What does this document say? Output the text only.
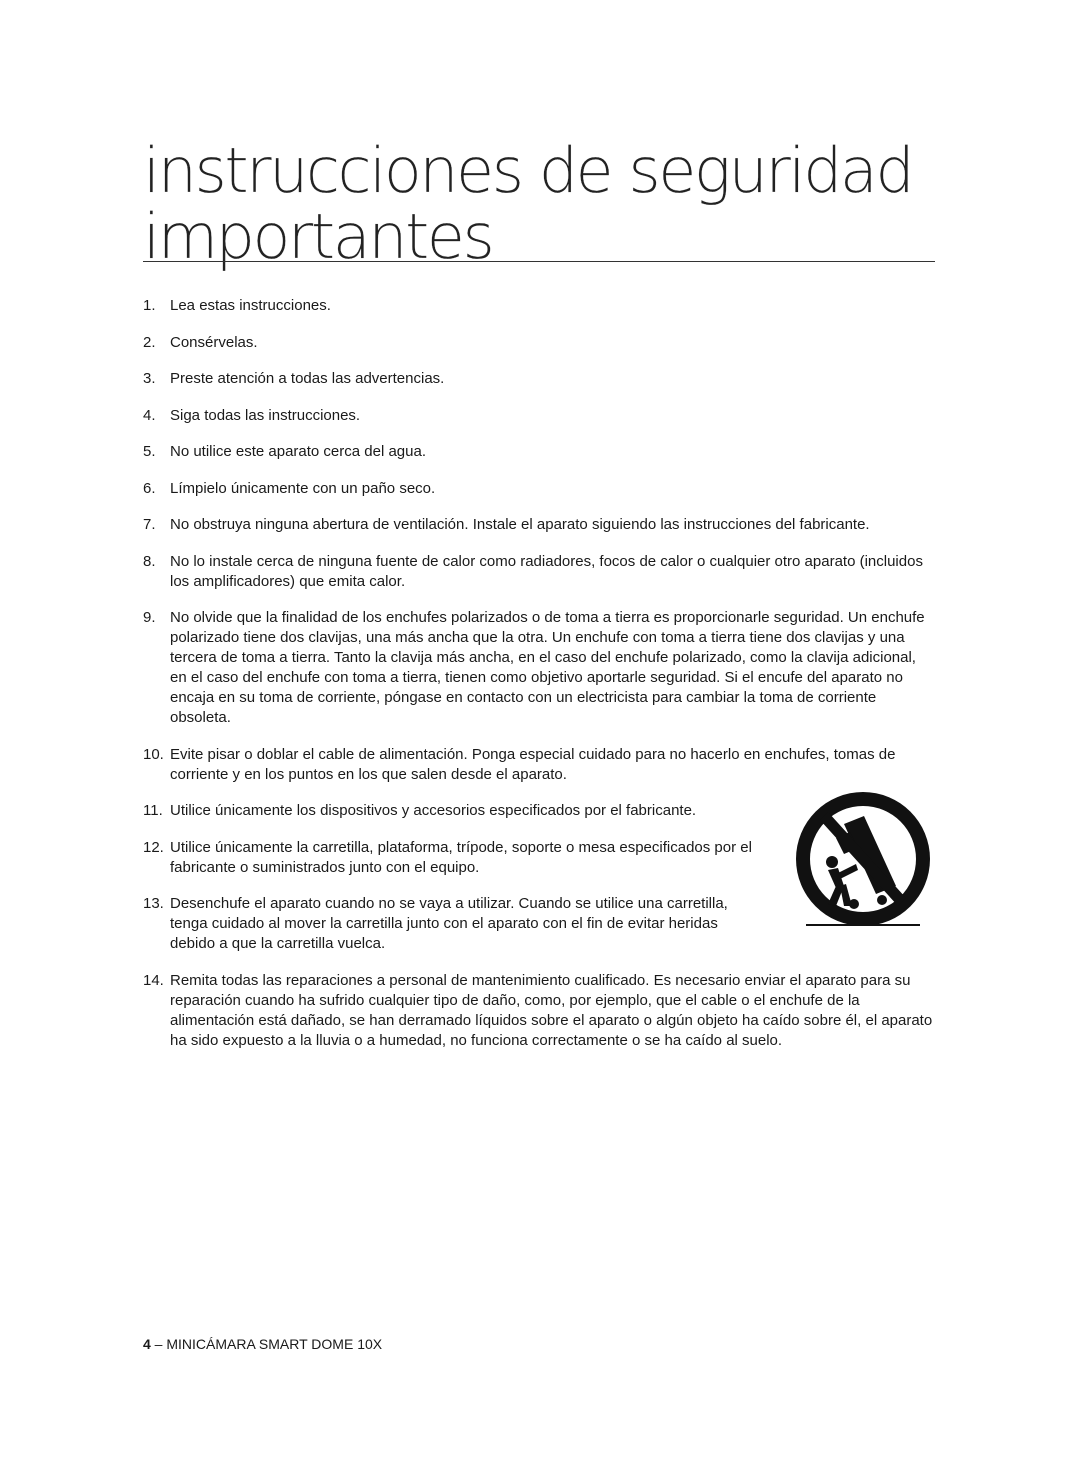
instrucciones de seguridad importantes
1. Lea estas instrucciones.
2. Consérvelas.
3. Preste atención a todas las advertencias.
4. Siga todas las instrucciones.
5. No utilice este aparato cerca del agua.
6. Límpielo únicamente con un paño seco.
7. No obstruya ninguna abertura de ventilación. Instale el aparato siguiendo las instrucciones del fabricante.
8. No lo instale cerca de ninguna fuente de calor como radiadores, focos de calor o cualquier otro aparato (incluidos los amplificadores) que emita calor.
9. No olvide que la finalidad de los enchufes polarizados o de toma a tierra es proporcionarle seguridad. Un enchufe polarizado tiene dos clavijas, una más ancha que la otra. Un enchufe con toma a tierra tiene dos clavijas y una tercera de toma a tierra. Tanto la clavija más ancha, en el caso del enchufe polarizado, como la clavija adicional, en el caso del enchufe con toma a tierra, tienen como objetivo aportarle seguridad. Si el encufe del aparato no encaja en su toma de corriente, póngase en contacto con un electricista para cambiar la toma de corriente obsoleta.
10. Evite pisar o doblar el cable de alimentación. Ponga especial cuidado para no hacerlo en enchufes, tomas de corriente y en los puntos en los que salen desde el aparato.
11. Utilice únicamente los dispositivos y accesorios especificados por el fabricante.
12. Utilice únicamente la carretilla, plataforma, trípode, soporte o mesa especificados por el fabricante o suministrados junto con el equipo.
13. Desenchufe el aparato cuando no se vaya a utilizar. Cuando se utilice una carretilla, tenga cuidado al mover la carretilla junto con el aparato con el fin de evitar heridas debido a que la carretilla vuelca.
14. Remita todas las reparaciones a personal de mantenimiento cualificado. Es necesario enviar el aparato para su reparación cuando ha sufrido cualquier tipo de daño, como, por ejemplo, que el cable o el enchufe de la alimentación está dañado, se han derramado líquidos sobre el aparato o algún objeto ha caído sobre él, el aparato ha sido expuesto a la lluvia o a humedad, no funciona correctamente o se ha caído al suelo.
4 – MINICÁMARA SMART DOME 10X
